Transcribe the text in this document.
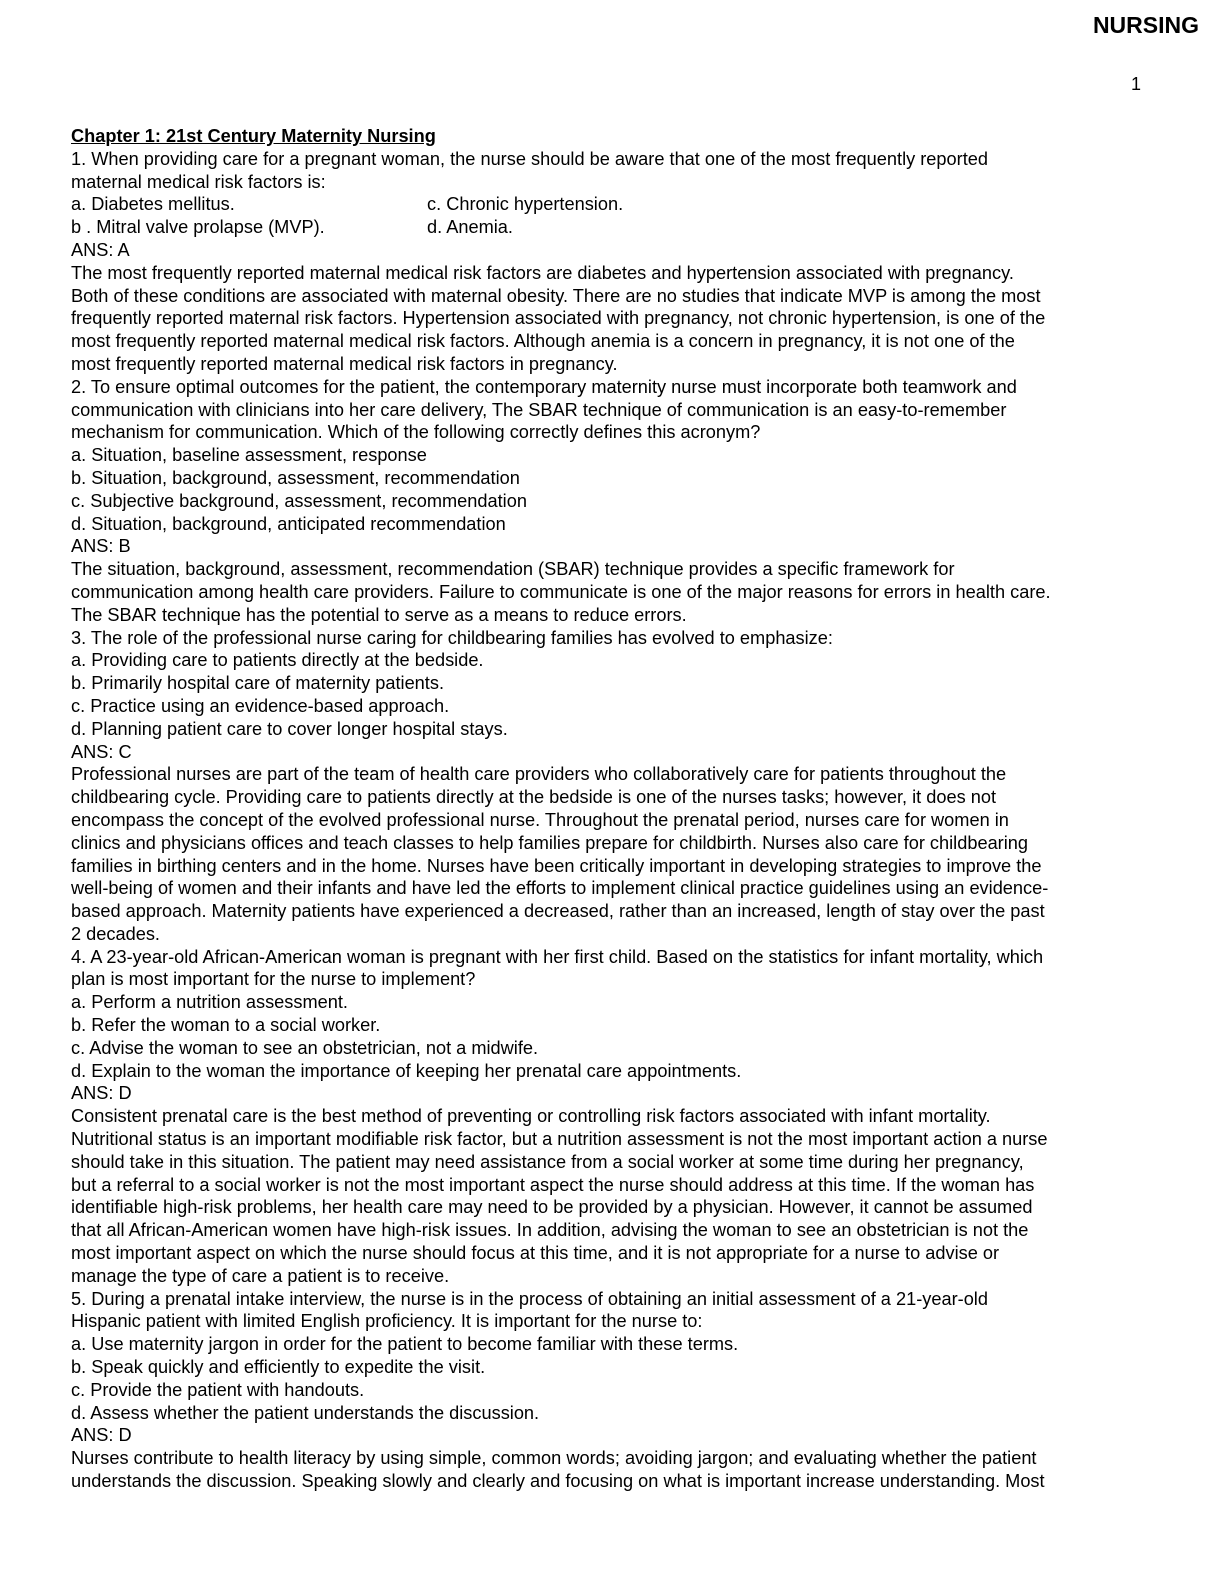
NURSING
1
Chapter 1: 21st Century Maternity Nursing
1. When providing care for a pregnant woman, the nurse should be aware that one of the most frequently reported
maternal medical risk factors is:
a. Diabetes mellitus.	c. Chronic hypertension.
b . Mitral valve prolapse (MVP).	d. Anemia.
ANS: A
The most frequently reported maternal medical risk factors are diabetes and hypertension associated with pregnancy.
Both of these conditions are associated with maternal obesity. There are no studies that indicate MVP is among the most
frequently reported maternal risk factors. Hypertension associated with pregnancy, not chronic hypertension, is one of the
most frequently reported maternal medical risk factors. Although anemia is a concern in pregnancy, it is not one of the
most frequently reported maternal medical risk factors in pregnancy.
2. To ensure optimal outcomes for the patient, the contemporary maternity nurse must incorporate both teamwork and
communication with clinicians into her care delivery, The SBAR technique of communication is an easy-to-remember
mechanism for communication. Which of the following correctly defines this acronym?
a. Situation, baseline assessment, response
b. Situation, background, assessment, recommendation
c. Subjective background, assessment, recommendation
d. Situation, background, anticipated recommendation
ANS: B
The situation, background, assessment, recommendation (SBAR) technique provides a specific framework for
communication among health care providers. Failure to communicate is one of the major reasons for errors in health care.
The SBAR technique has the potential to serve as a means to reduce errors.
3. The role of the professional nurse caring for childbearing families has evolved to emphasize:
a. Providing care to patients directly at the bedside.
b. Primarily hospital care of maternity patients.
c. Practice using an evidence-based approach.
d. Planning patient care to cover longer hospital stays.
ANS: C
Professional nurses are part of the team of health care providers who collaboratively care for patients throughout the
childbearing cycle. Providing care to patients directly at the bedside is one of the nurses tasks; however, it does not
encompass the concept of the evolved professional nurse. Throughout the prenatal period, nurses care for women in
clinics and physicians offices and teach classes to help families prepare for childbirth. Nurses also care for childbearing
families in birthing centers and in the home. Nurses have been critically important in developing strategies to improve the
well-being of women and their infants and have led the efforts to implement clinical practice guidelines using an evidence-
based approach. Maternity patients have experienced a decreased, rather than an increased, length of stay over the past
2 decades.
4. A 23-year-old African-American woman is pregnant with her first child. Based on the statistics for infant mortality, which
plan is most important for the nurse to implement?
a. Perform a nutrition assessment.
b. Refer the woman to a social worker.
c. Advise the woman to see an obstetrician, not a midwife.
d. Explain to the woman the importance of keeping her prenatal care appointments.
ANS: D
Consistent prenatal care is the best method of preventing or controlling risk factors associated with infant mortality.
Nutritional status is an important modifiable risk factor, but a nutrition assessment is not the most important action a nurse
should take in this situation. The patient may need assistance from a social worker at some time during her pregnancy,
but a referral to a social worker is not the most important aspect the nurse should address at this time. If the woman has
identifiable high-risk problems, her health care may need to be provided by a physician. However, it cannot be assumed
that all African-American women have high-risk issues. In addition, advising the woman to see an obstetrician is not the
most important aspect on which the nurse should focus at this time, and it is not appropriate for a nurse to advise or
manage the type of care a patient is to receive.
5. During a prenatal intake interview, the nurse is in the process of obtaining an initial assessment of a 21-year-old
Hispanic patient with limited English proficiency. It is important for the nurse to:
a. Use maternity jargon in order for the patient to become familiar with these terms.
b. Speak quickly and efficiently to expedite the visit.
c. Provide the patient with handouts.
d. Assess whether the patient understands the discussion.
ANS: D
Nurses contribute to health literacy by using simple, common words; avoiding jargon; and evaluating whether the patient
understands the discussion. Speaking slowly and clearly and focusing on what is important increase understanding. Most
